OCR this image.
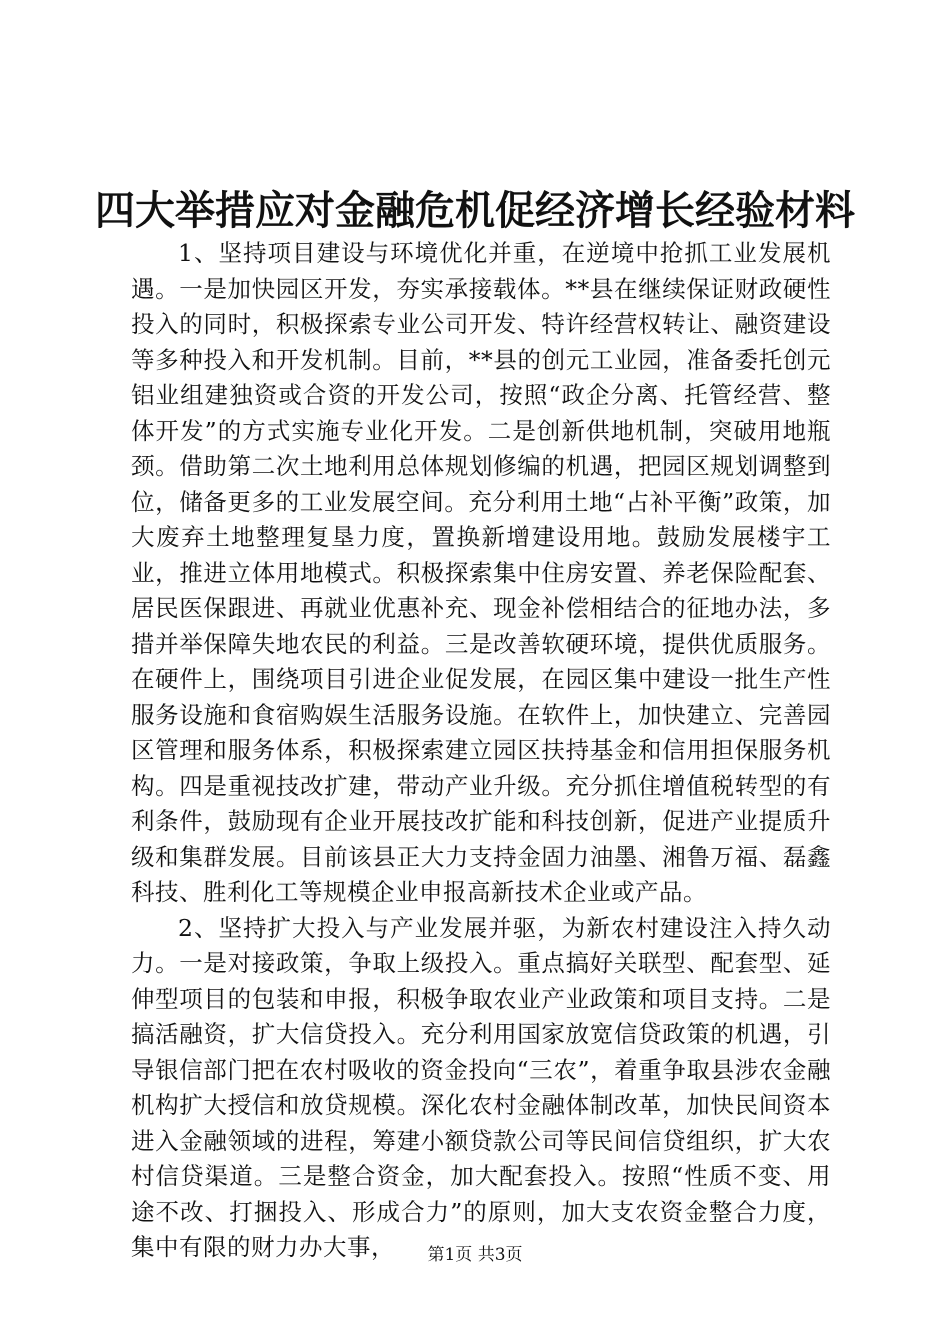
四大举措应对金融危机促经济增长经验材料

1、坚持项目建设与环境优化并重，在逆境中抢抓工业发展机遇。一是加快园区开发，夯实承接载体。**县在继续保证财政硬性投入的同时，积极探索专业公司开发、特许经营权转让、融资建设等多种投入和开发机制。目前，**县的创元工业园，准备委托创元铝业组建独资或合资的开发公司，按照“政企分离、托管经营、整体开发”的方式实施专业化开发。二是创新供地机制，突破用地瓶颈。借助第二次土地利用总体规划修编的机遇，把园区规划调整到位，储备更多的工业发展空间。充分利用土地“占补平衡”政策，加大废弃土地整理复垦力度，置换新增建设用地。鼓励发展楼宇工业，推进立体用地模式。积极探索集中住房安置、养老保险配套、居民医保跟进、再就业优惠补充、现金补偿相结合的征地办法，多措并举保障失地农民的利益。三是改善软硬环境，提供优质服务。在硬件上，围绕项目引进企业促发展，在园区集中建设一批生产性服务设施和食宿购娱生活服务设施。在软件上，加快建立、完善园区管理和服务体系，积极探索建立园区扶持基金和信用担保服务机构。四是重视技改扩建，带动产业升级。充分抓住增值税转型的有利条件，鼓励现有企业开展技改扩能和科技创新，促进产业提质升级和集群发展。目前该县正大力支持金固力油墨、湘鲁万福、磊鑫科技、胜利化工等规模企业申报高新技术企业或产品。

2、坚持扩大投入与产业发展并驱，为新农村建设注入持久动力。一是对接政策，争取上级投入。重点搞好关联型、配套型、延伸型项目的包装和申报，积极争取农业产业政策和项目支持。二是搞活融资，扩大信贷投入。充分利用国家放宽信贷政策的机遇，引导银信部门把在农村吸收的资金投向“三农”，着重争取县涉农金融机构扩大授信和放贷规模。深化农村金融体制改革，加快民间资本进入金融领域的进程，筹建小额贷款公司等民间信贷组织，扩大农村信贷渠道。三是整合资金，加大配套投入。按照“性质不变、用途不改、打捆投入、形成合力”的原则，加大支农资金整合力度，集中有限的财力办大事，	第1页 共3页
